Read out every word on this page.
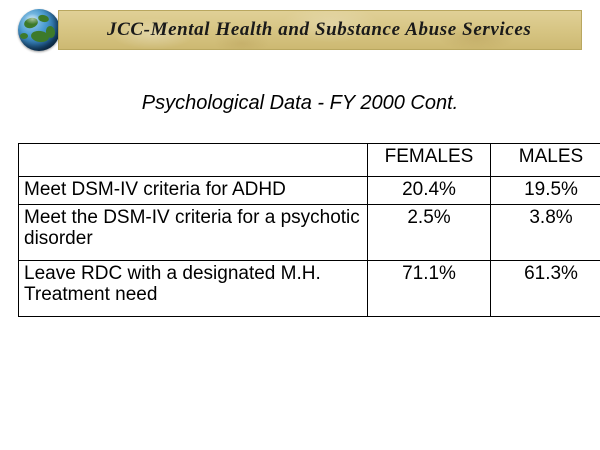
JCC-Mental Health and Substance Abuse Services
Psychological Data - FY 2000 Cont.
	FEMALES	MALES
Meet DSM-IV criteria for ADHD	20.4%	19.5%
Meet the DSM-IV criteria for a psychotic disorder	2.5%	3.8%
Leave RDC with a designated M.H. Treatment need	71.1%	61.3%
